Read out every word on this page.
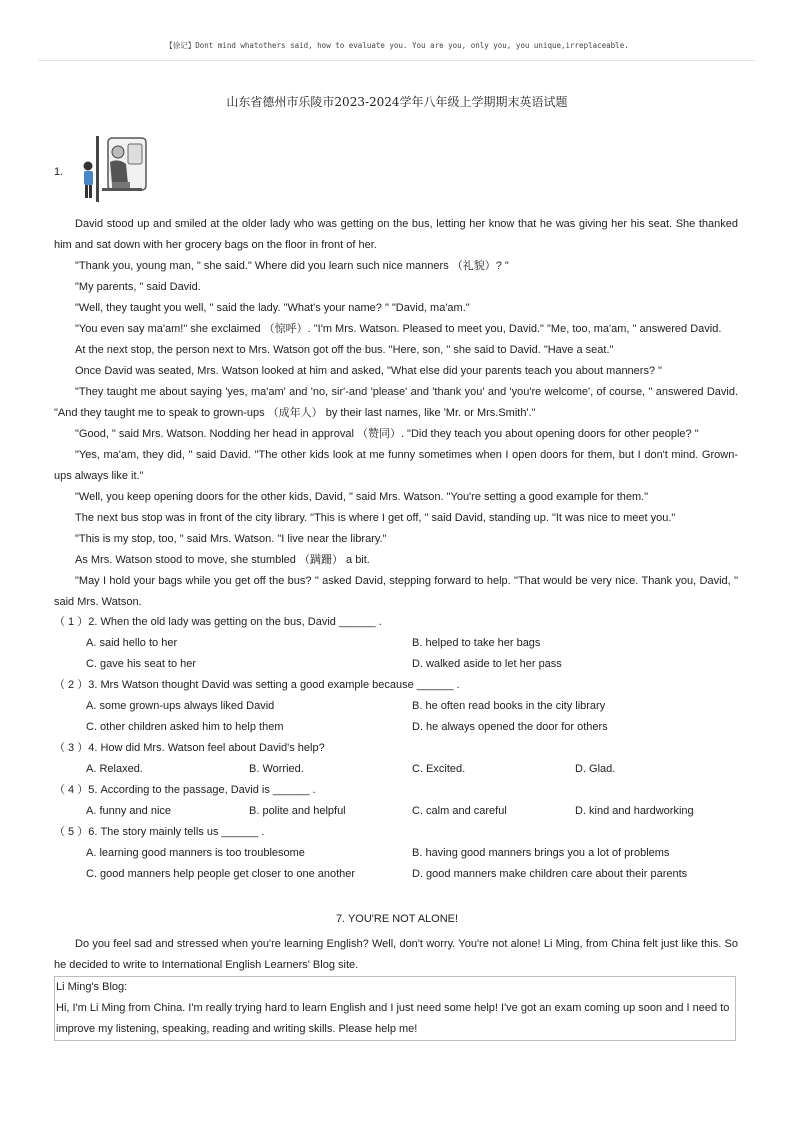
【徐记】Dont mind whatothers said, how to evaluate you. You are you, only you, you unique,irreplaceable.
山东省德州市乐陵市2023-2024学年八年级上学期期末英语试题
1.

David stood up and smiled at the older lady who was getting on the bus, letting her know that he was giving her his seat. She thanked him and sat down with her grocery bags on the floor in front of her.

"Thank you, young man, " she said." Where did you learn such nice manners （礼貌）? "

"My parents, " said David.

"Well, they taught you well, " said the lady. "What's your name? " "David, ma'am."

"You even say ma'am!" she exclaimed （惊呼）. "I'm Mrs. Watson. Pleased to meet you, David." "Me, too, ma'am, " answered David.

At the next stop, the person next to Mrs. Watson got off the bus. "Here, son, " she said to David. "Have a seat."

Once David was seated, Mrs. Watson looked at him and asked, "What else did your parents teach you about manners? "

"They taught me about saying 'yes, ma'am' and 'no, sir'-and 'please' and 'thank you' and 'you're welcome', of course, " answered David. "And they taught me to speak to grown-ups （成年人） by their last names, like 'Mr. or Mrs.Smith'."

"Good, " said Mrs. Watson. Nodding her head in approval （赞同）. "Did they teach you about opening doors for other people? "

"Yes, ma'am, they did, " said David. "The other kids look at me funny sometimes when I open doors for them, but I don't mind. Grown-ups always like it."

"Well, you keep opening doors for the other kids, David, " said Mrs. Watson. "You're setting a good example for them."

The next bus stop was in front of the city library. "This is where I get off, " said David, standing up. "It was nice to meet you."

"This is my stop, too, " said Mrs. Watson. "I live near the library."

As Mrs. Watson stood to move, she stumbled （蹒跚） a bit.

"May I hold your bags while you get off the bus? " asked David, stepping forward to help. "That would be very nice. Thank you, David, " said Mrs. Watson.

（ 1 ）2. When the old lady was getting on the bus, David ______ .

A. said hello to her	B. helped to take her bags
C. gave his seat to her	D. walked aside to let her pass

（ 2 ）3. Mrs Watson thought David was setting a good example because ______ .

A. some grown-ups always liked David	B. he often read books in the city library
C. other children asked him to help them	D. he always opened the door for others

（ 3 ）4. How did Mrs. Watson feel about David's help?

A. Relaxed.	B. Worried.	C. Excited.	D. Glad.

（ 4 ）5. According to the passage, David is ______ .

A. funny and nice	B. polite and helpful	C. calm and careful	D. kind and hardworking

（ 5 ）6. The story mainly tells us ______ .

A. learning good manners is too troublesome	B. having good manners brings you a lot of problems
C. good manners help people get closer to one another	D. good manners make children care about their parents
7. YOU'RE NOT ALONE!

Do you feel sad and stressed when you're learning English? Well, don't worry. You're not alone! Li Ming, from China felt just like this. So he decided to write to International English Learners' Blog site.

Li Ming's Blog:

Hi, I'm Li Ming from China. I'm really trying hard to learn English and I just need some help! I've got an exam coming up soon and I need to improve my listening, speaking, reading and writing skills. Please help me!
